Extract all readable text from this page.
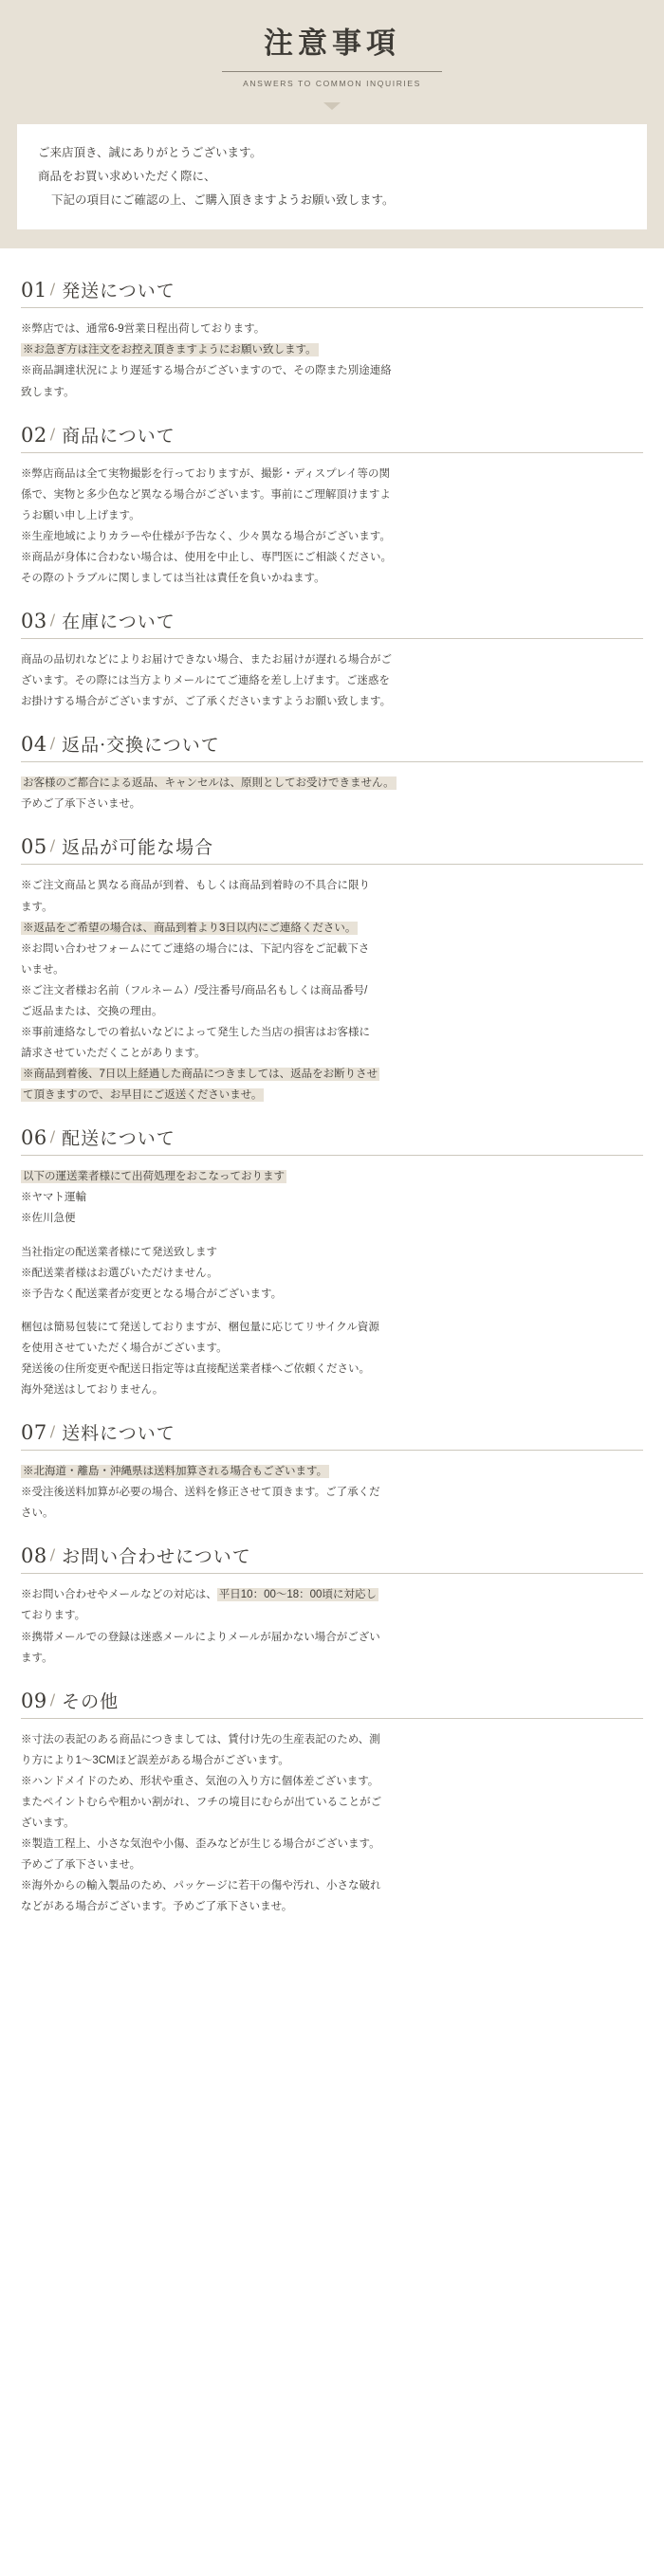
注意事項
ANSWERS TO COMMON INQUIRIES

ご来店頂き、誠にありがとうございます。

商品をお買い求めいただく際に、

下記の項目にご確認の上、ご購入頂きますようお願い致します。

01 / 発送について
※弊店では、通常6-9営業日程出荷しております。
※お急ぎ方は注文をお控え頂きますようにお願い致します。
※商品調達状況により遅延する場合がございますので、その際また別途連絡
致します。
02 / 商品について
※弊店商品は全て実物撮影を行っておりますが、撮影・ディスプレイ等の関
係で、実物と多少色など異なる場合がございます。事前にご理解頂けますよ
うお願い申し上げます。
※生産地域によりカラーや仕様が予告なく、少々異なる場合がございます。
※商品が身体に合わない場合は、使用を中止し、専門医にご相談ください。
その際のトラブルに関しましては当社は責任を負いかねます。
03 / 在庫について
商品の品切れなどによりお届けできない場合、またお届けが遅れる場合がご
ざいます。その際には当方よりメールにてご連絡を差し上げます。ご迷惑を
お掛けする場合がございますが、ご了承くださいますようお願い致します。
04 / 返品·交換について
お客様のご都合による返品、キャンセルは、原則としてお受けできません。
予めご了承下さいませ。
05 / 返品が可能な場合
※ご注文商品と異なる商品が到着、もしくは商品到着時の不具合に限り
ます。
※返品をご希望の場合は、商品到着より3日以内にご連絡ください。
※お問い合わせフォームにてご連絡の場合には、下記内容をご記載下さ
いませ。
※ご注文者様お名前（フルネーム）/受注番号/商品名もしくは商品番号/
ご返品または、交換の理由。
※事前連絡なしでの着払いなどによって発生した当店の損害はお客様に
請求させていただくことがあります。
※商品到着後、7日以上経過した商品につきましては、返品をお断りさせ
て頂きますので、お早目にご返送くださいませ。
06 / 配送について
以下の運送業者様にて出荷処理をおこなっております
※ヤマト運輸
※佐川急便
当社指定の配送業者様にて発送致します
※配送業者様はお選びいただけません。
※予告なく配送業者が変更となる場合がございます。
梱包は簡易包装にて発送しておりますが、梱包量に応じてリサイクル資源
を使用させていただく場合がございます。
発送後の住所変更や配送日指定等は直接配送業者様へご依頼ください。
海外発送はしておりません。
07 / 送料について
※北海道・離島・沖縄県は送料加算される場合もございます。
※受注後送料加算が必要の場合、送料を修正させて頂きます。ご了承くだ
さい。
08 / お問い合わせについて
※お問い合わせやメールなどの対応は、 平日10：00～18：00頃に対応し
ております。
※携帯メールでの登録は迷惑メールによりメールが届かない場合がござい
ます。
09 / その他
※寸法の表記のある商品につきましては、賃付け先の生産表記のため、測
り方により1～3CMほど誤差がある場合がございます。
※ハンドメイドのため、形状や重さ、気泡の入り方に個体差ございます。
またペイントむらや粗かい割がれ、フチの境目にむらが出ていることがご
ざいます。
※製造工程上、小さな気泡や小傷、歪みなどが生じる場合がございます。
予めご了承下さいませ。
※海外からの輸入製品のため、パッケージに若干の傷や汚れ、小さな破れ
などがある場合がございます。予めご了承下さいませ。
